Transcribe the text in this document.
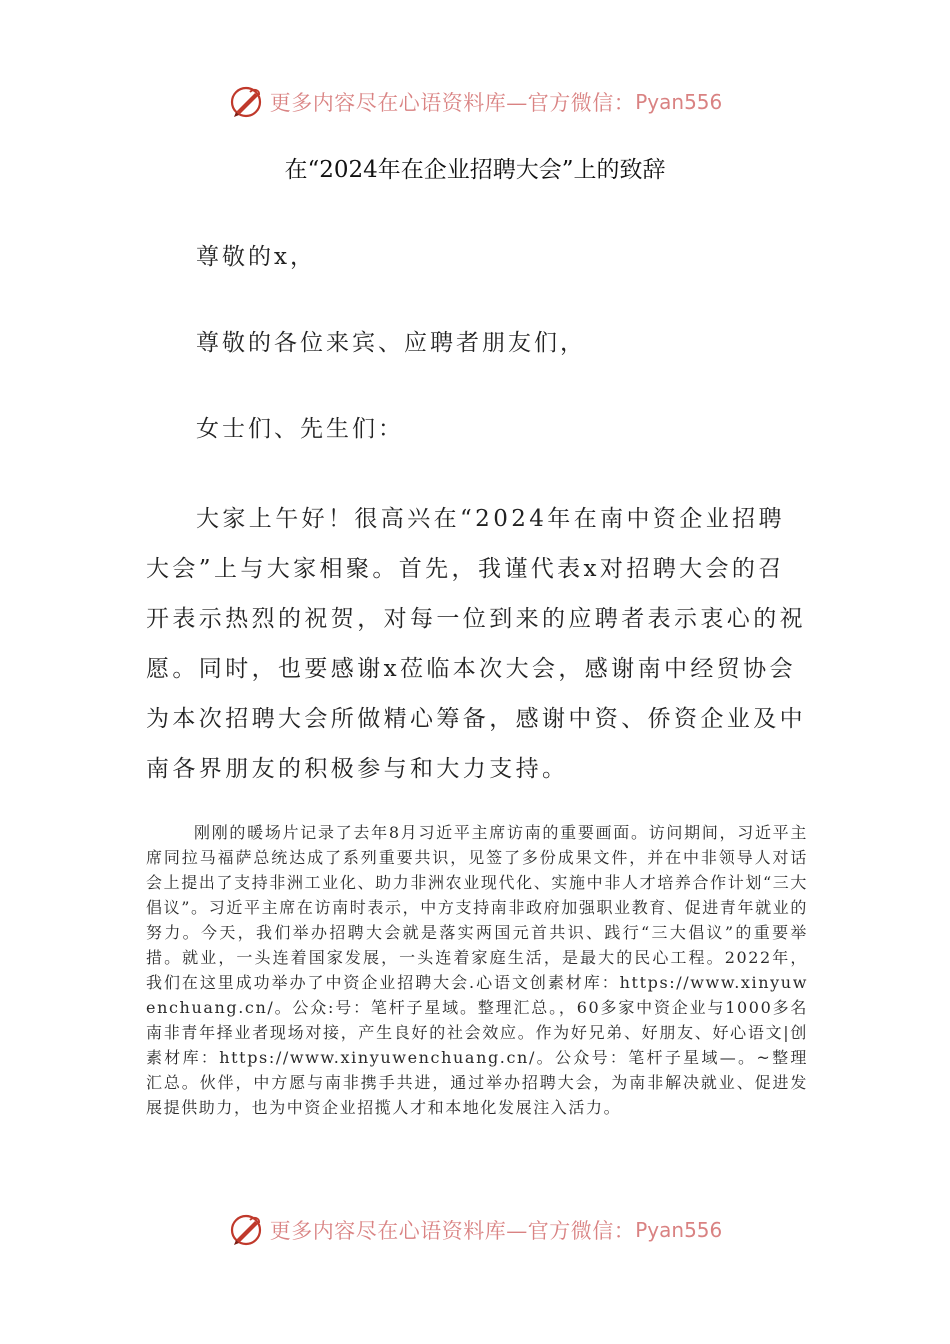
更多内容尽在心语资料库—官方微信： Pyan556
在“2024年在企业招聘大会”上的致辞
尊敬的x，
尊敬的各位来宾、应聘者朋友们，
女士们、先生们：

大家上午好！很高兴在“2024年在南中资企业招聘大会”上与大家相聚。首先，我谨代表x对招聘大会的召开表示热烈的祝贺，对每一位到来的应聘者表示衷心的祝愿。同时，也要感谢x莅临本次大会，感谢南中经贸协会为本次招聘大会所做精心筹备，感谢中资、侨资企业及中南各界朋友的积极参与和大力支持。

刚刚的暖场片记录了去年8月习近平主席访南的重要画面。访问期间，习近平主席同拉马福萨总统达成了系列重要共识，见签了多份成果文件，并在中非领导人对话会上提出了支持非洲工业化、助力非洲农业现代化、实施中非人才培养合作计划“三大倡议”。习近平主席在访南时表示，中方支持南非政府加强职业教育、促进青年就业的努力。今天，我们举办招聘大会就是落实两国元首共识、践行“三大倡议”的重要举措。就业，一头连着国家发展，一头连着家庭生活，是最大的民心工程。2022年，我们在这里成功举办了中资企业招聘大会.心语文创素材库：https://www.xinyuwenchuang.cn/。公众:号：笔杆子星域。整理汇总。，60多家中资企业与1000多名南非青年择业者现场对接，产生良好的社会效应。作为好兄弟、好朋友、好心语文|创素材库：https://www.xinyuwenchuang.cn/。公众号：笔杆子星域—。~整理汇总。伙伴，中方愿与南非携手共进，通过举办招聘大会，为南非解决就业、促进发展提供助力，也为中资企业招揽人才和本地化发展注入活力。

更多内容尽在心语资料库—官方微信： Pyan556
